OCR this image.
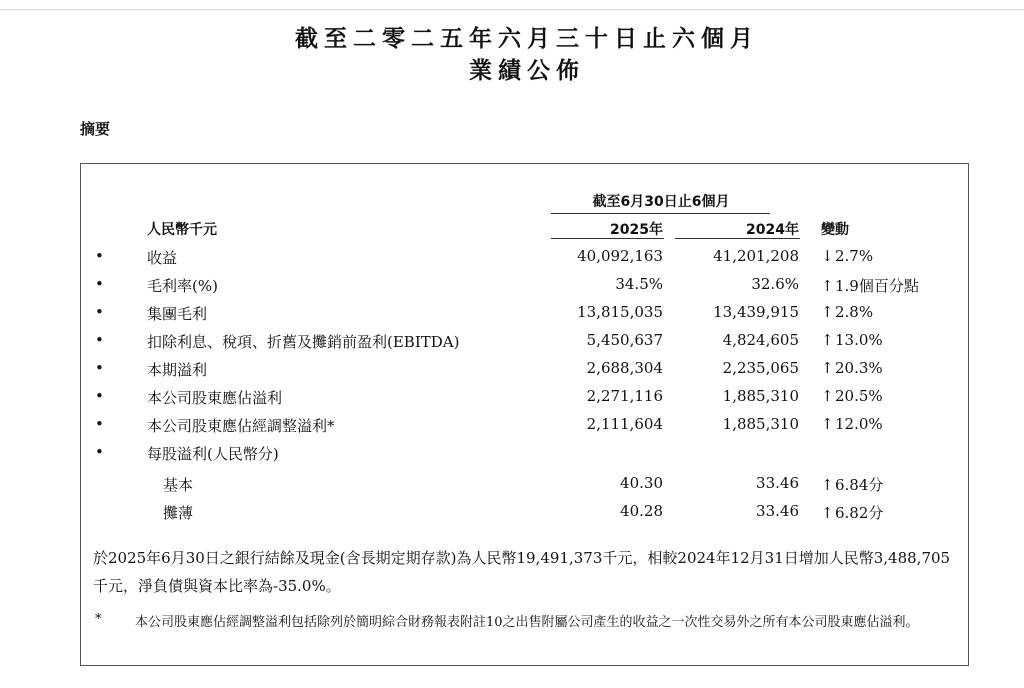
截至二零二五年六月三十日止六個月
業績公佈
摘要
截至6月30日止6個月
人民幣千元	2025年	2024年 變動
•	收益	40,092,163	41,201,208 ↓2.7%
•	毛利率(%)	34.5%	32.6% ↑1.9個百分點
•	集團毛利	13,815,035	13,439,915 ↑2.8%
•	扣除利息、稅項、折舊及攤銷前盈利(EBITDA)	5,450,637	4,824,605 ↑13.0%
•	本期溢利	2,688,304	2,235,065 ↑20.3%
•	本公司股東應佔溢利	2,271,116	1,885,310 ↑20.5%
•	本公司股東應佔經調整溢利*	2,111,604	1,885,310 ↑12.0%
•	每股溢利(人民幣分)
基本	40.30	33.46 ↑6.84分
攤薄	40.28	33.46 ↑6.82分
於2025年6月30日之銀行結餘及現金(含長期定期存款)為人民幣19,491,373千元，相較2024年12月31日增加人民幣3,488,705千元，淨負債與資本比率為-35.0%。
*	本公司股東應佔經調整溢利包括除列於簡明綜合財務報表附註10之出售附屬公司產生的收益之一次性交易外之所有本公司股東應佔溢利。
